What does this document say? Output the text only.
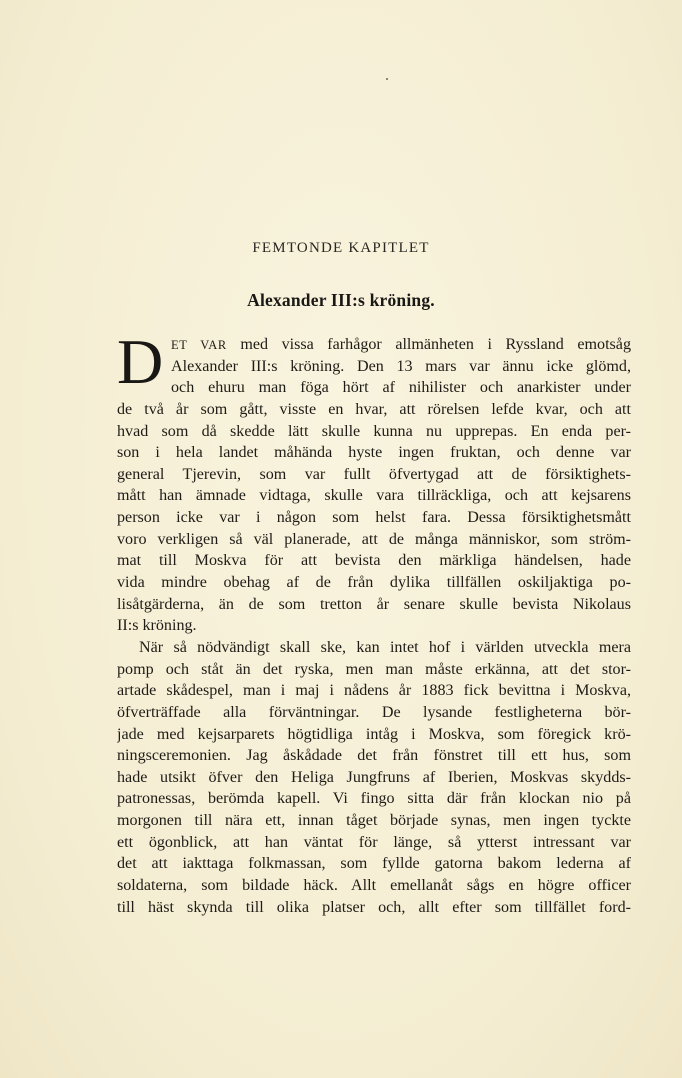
FEMTONDE KAPITLET
Alexander III:s kröning.
D ET VAR med vissa farhågor allmänheten i Ryssland emotsåg
Alexander III:s kröning. Den 13 mars var ännu icke glömd,
och ehuru man föga hört af nihilister och anarkister under
de två år som gått, visste en hvar, att rörelsen lefde kvar, och att
hvad som då skedde lätt skulle kunna nu upprepas. En enda per-
son i hela landet måhända hyste ingen fruktan, och denne var
general Tjerevin, som var fullt öfvertygad att de försiktighets-
mått han ämnade vidtaga, skulle vara tillräckliga, och att kejsarens
person icke var i någon som helst fara. Dessa försiktighetsmått
voro verkligen så väl planerade, att de många människor, som ström-
mat till Moskva för att bevista den märkliga händelsen, hade
vida mindre obehag af de från dylika tillfällen oskiljaktiga po-
lisåtgärderna, än de som tretton år senare skulle bevista Nikolaus
II:s kröning.
När så nödvändigt skall ske, kan intet hof i världen utveckla mera
pomp och ståt än det ryska, men man måste erkänna, att det stor-
artade skådespel, man i maj i nådens år 1883 fick bevittna i Moskva,
öfverträffade alla förväntningar. De lysande festligheterna bör-
jade med kejsarparets högtidliga intåg i Moskva, som föregick krö-
ningsceremonien. Jag åskådade det från fönstret till ett hus, som
hade utsikt öfver den Heliga Jungfruns af Iberien, Moskvas skydds-
patronessas, berömda kapell. Vi fingo sitta där från klockan nio på
morgonen till nära ett, innan tåget började synas, men ingen tyckte
ett ögonblick, att han väntat för länge, så ytterst intressant var
det att iakttaga folkmassan, som fyllde gatorna bakom lederna af
soldaterna, som bildade häck. Allt emellanåt sågs en högre officer
till häst skynda till olika platser och, allt efter som tillfället ford-
